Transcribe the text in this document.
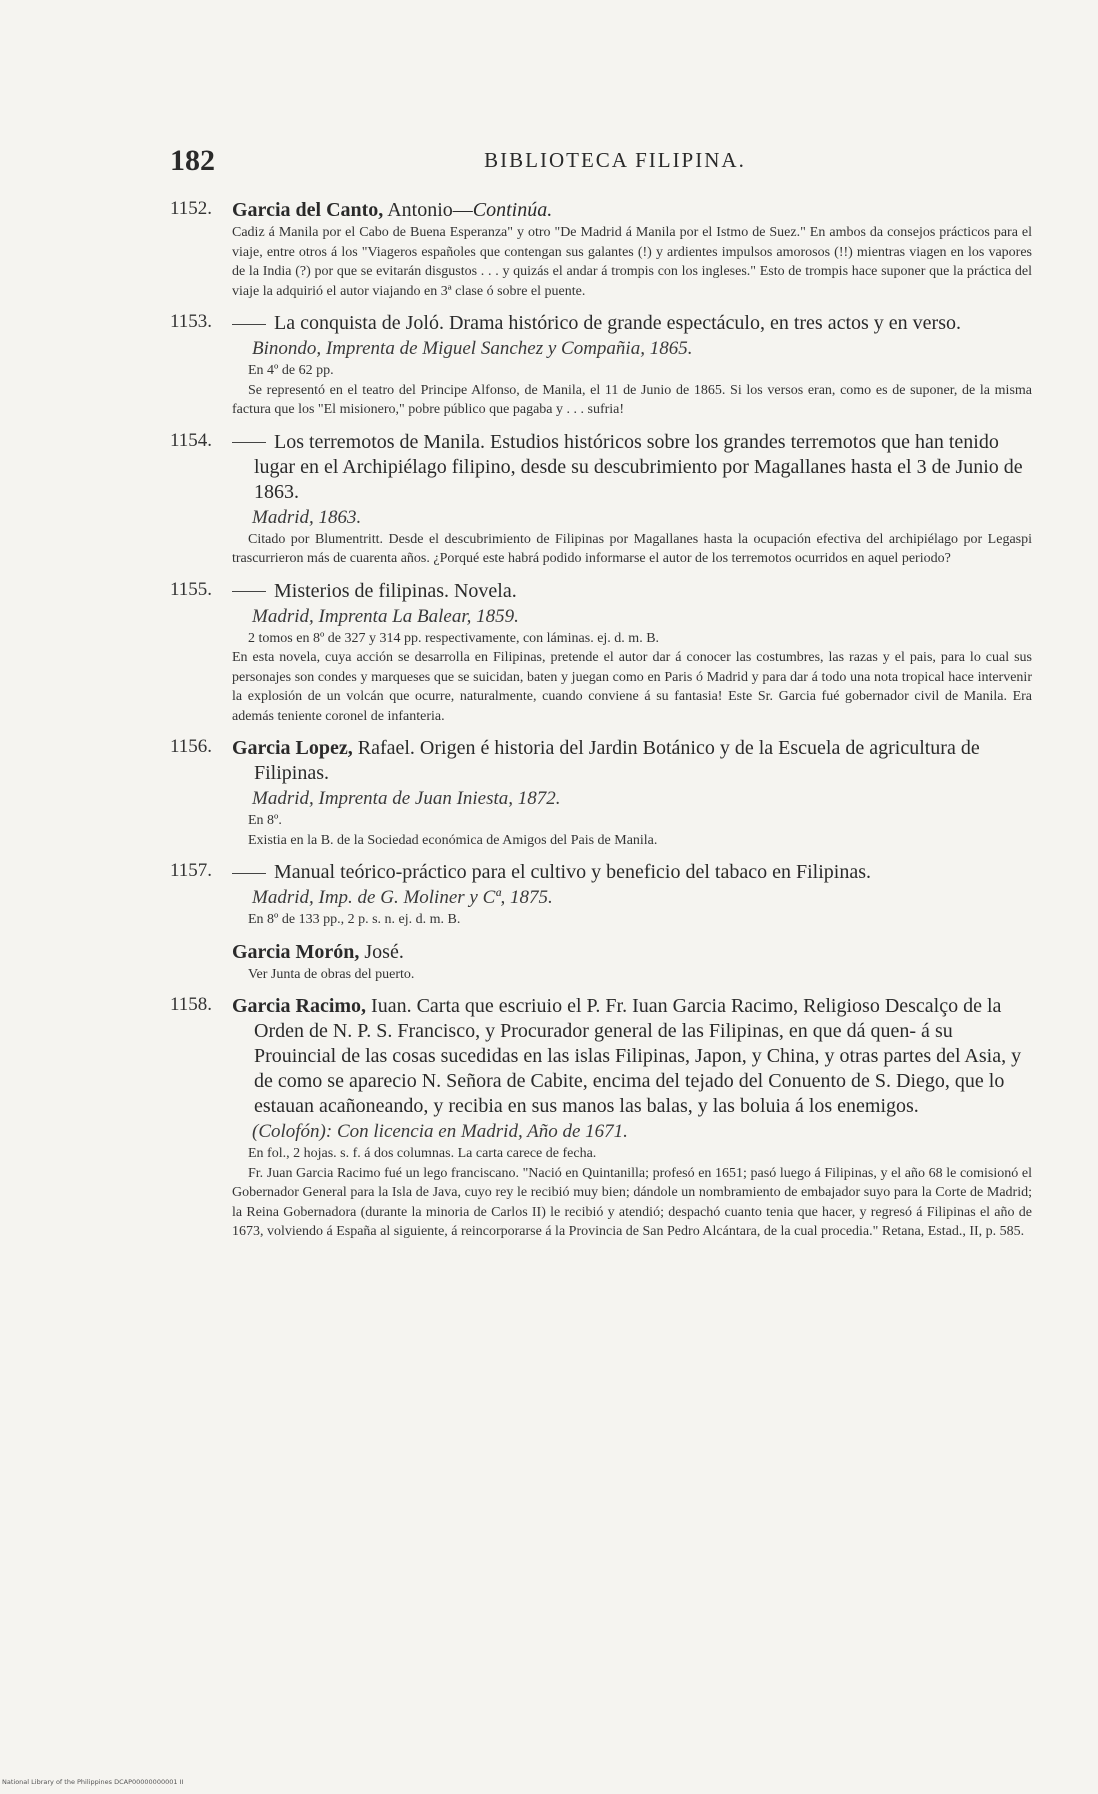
182	BIBLIOTECA FILIPINA.
1152. Garcia del Canto, Antonio—Continúa.

Cadiz á Manila por el Cabo de Buena Esperanza" y otro "De Madrid á Manila por el Istmo de Suez." En ambos da consejos prácticos para el viaje, entre otros á los "Viageros españoles que contengan sus galantes (!) y ardientes impulsos amorosos (!!) mientras viagen en los vapores de la India (?) por que se evitarán disgustos . . . y quizás el andar á trompis con los ingleses." Esto de trompis hace suponer que la práctica del viaje la adquirió el autor viajando en 3ª clase ó sobre el puente.

1153.	La conquista de Joló. Drama histórico de grande espectáculo, en tres actos y en verso.
Binondo, Imprenta de Miguel Sanchez y Compañia, 1865.

En 4º de 62 pp.

Se representó en el teatro del Principe Alfonso, de Manila, el 11 de Junio de 1865. Si los versos eran, como es de suponer, de la misma factura que los "El misionero," pobre público que pagaba y . . . sufria!

1154.	Los terremotos de Manila. Estudios históricos sobre los grandes terremotos que han tenido lugar en el Archipiélago filipino, desde su descubrimiento por Magallanes hasta el 3 de Junio de 1863.
Madrid, 1863.

Citado por Blumentritt. Desde el descubrimiento de Filipinas por Magallanes hasta la ocupación efectiva del archipiélago por Legaspi trascurrieron más de cuarenta años. ¿Porqué este habrá podido informarse el autor de los terremotos ocurridos en aquel periodo?

1155.	Misterios de filipinas. Novela.
Madrid, Imprenta La Balear, 1859.

2 tomos en 8º de 327 y 314 pp. respectivamente, con láminas. ej. d. m. B.

En esta novela, cuya acción se desarrolla en Filipinas, pretende el autor dar á conocer las costumbres, las razas y el pais, para lo cual sus personajes son condes y marqueses que se suicidan, baten y juegan como en Paris ó Madrid y para dar á todo una nota tropical hace intervenir la explosión de un volcán que ocurre, naturalmente, cuando conviene á su fantasia! Este Sr. Garcia fué gobernador civil de Manila. Era además teniente coronel de infanteria.

1156. Garcia Lopez, Rafael. Origen é historia del Jardin Botánico y de la Escuela de agricultura de Filipinas.
Madrid, Imprenta de Juan Iniesta, 1872.

En 8º.

Existia en la B. de la Sociedad económica de Amigos del Pais de Manila.

1157.	Manual teórico-práctico para el cultivo y beneficio del tabaco en Filipinas.
Madrid, Imp. de G. Moliner y Cª, 1875.

En 8º de 133 pp., 2 p. s. n. ej. d. m. B.

Garcia Morón, José.

Ver Junta de obras del puerto.

1158. Garcia Racimo, Iuan. Carta que escriuio el P. Fr. Iuan Garcia Racimo, Religioso Descalço de la Orden de N. P. S. Francisco, y Procurador general de las Filipinas, en que dá quen- á su Prouincial de las cosas sucedidas en las islas Filipinas, Japon, y China, y otras partes del Asia, y de como se aparecio N. Señora de Cabite, encima del tejado del Conuento de S. Diego, que lo estauan acañoneando, y recibia en sus manos las balas, y las boluia á los enemigos.
(Colofón): Con licencia en Madrid, Año de 1671.

En fol., 2 hojas. s. f. á dos columnas. La carta carece de fecha.

Fr. Juan Garcia Racimo fué un lego franciscano. "Nació en Quintanilla; profesó en 1651; pasó luego á Filipinas, y el año 68 le comisionó el Gobernador General para la Isla de Java, cuyo rey le recibió muy bien; dándole un nombramiento de embajador suyo para la Corte de Madrid; la Reina Gobernadora (durante la minoria de Carlos II) le recibió y atendió; despachó cuanto tenia que hacer, y regresó á Filipinas el año de 1673, volviendo á España al siguiente, á reincorporarse á la Provincia de San Pedro Alcántara, de la cual procedia." Retana, Estad., II, p. 585.

National Library of the Philippines DCAP00000000001 II
